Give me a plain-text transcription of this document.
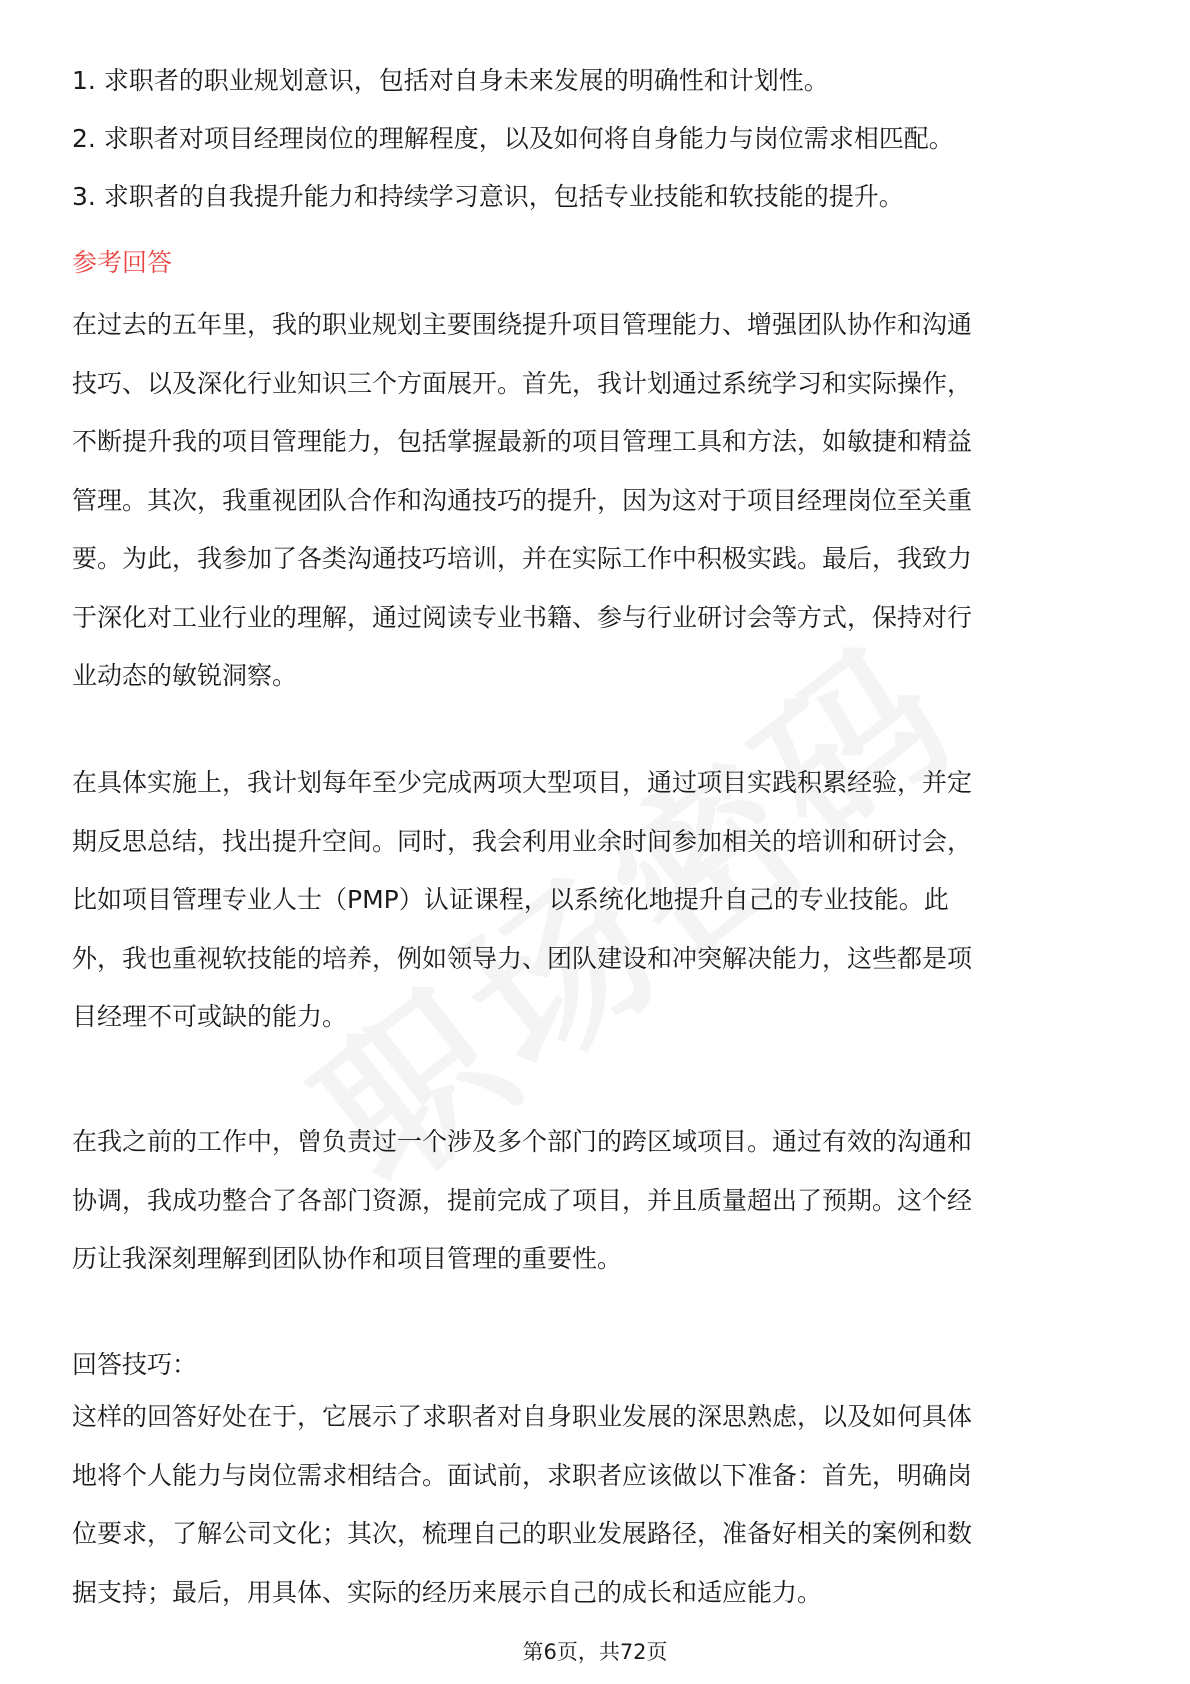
1. 求职者的职业规划意识，包括对自身未来发展的明确性和计划性。

2. 求职者对项目经理岗位的理解程度，以及如何将自身能力与岗位需求相匹配。

3. 求职者的自我提升能力和持续学习意识，包括专业技能和软技能的提升。

参考回答

在过去的五年里，我的职业规划主要围绕提升项目管理能力、增强团队协作和沟通

技巧、以及深化行业知识三个方面展开。首先，我计划通过系统学习和实际操作，

不断提升我的项目管理能力，包括掌握最新的项目管理工具和方法，如敏捷和精益

管理。其次，我重视团队合作和沟通技巧的提升，因为这对于项目经理岗位至关重

要。为此，我参加了各类沟通技巧培训，并在实际工作中积极实践。最后，我致力

于深化对工业行业的理解，通过阅读专业书籍、参与行业研讨会等方式，保持对行

业动态的敏锐洞察。

在具体实施上，我计划每年至少完成两项大型项目，通过项目实践积累经验，并定

期反思总结，找出提升空间。同时，我会利用业余时间参加相关的培训和研讨会，

比如项目管理专业人士（PMP）认证课程，以系统化地提升自己的专业技能。此

外，我也重视软技能的培养，例如领导力、团队建设和冲突解决能力，这些都是项

目经理不可或缺的能力。

在我之前的工作中，曾负责过一个涉及多个部门的跨区域项目。通过有效的沟通和

协调，我成功整合了各部门资源，提前完成了项目，并且质量超出了预期。这个经

历让我深刻理解到团队协作和项目管理的重要性。

回答技巧：

这样的回答好处在于，它展示了求职者对自身职业发展的深思熟虑，以及如何具体

地将个人能力与岗位需求相结合。面试前，求职者应该做以下准备：首先，明确岗

位要求，了解公司文化；其次，梳理自己的职业发展路径，准备好相关的案例和数

据支持；最后，用具体、实际的经历来展示自己的成长和适应能力。

第6页，共72页
